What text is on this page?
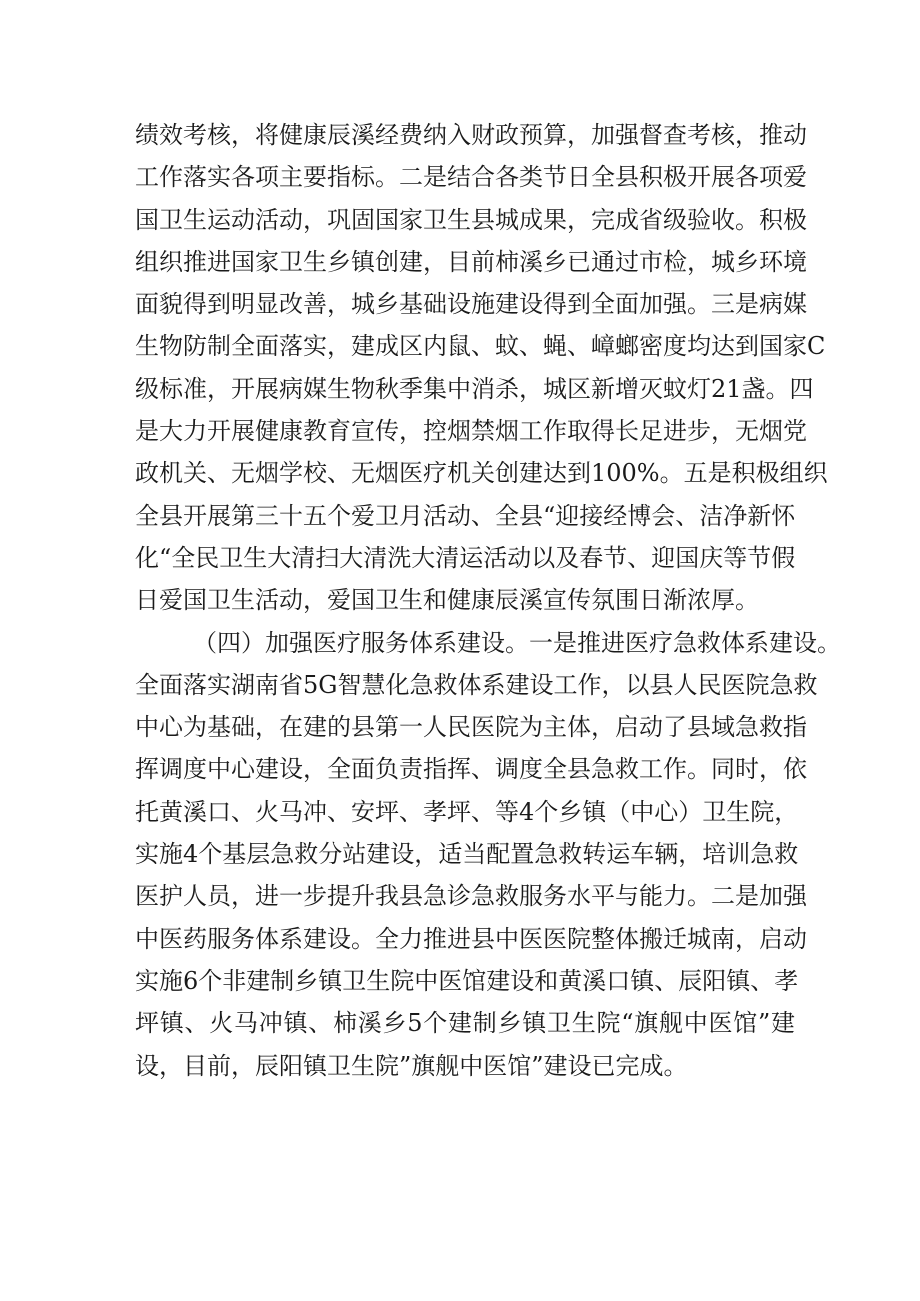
绩效考核，将健康辰溪经费纳入财政预算，加强督查考核，推动
工作落实各项主要指标。二是结合各类节日全县积极开展各项爱
国卫生运动活动，巩固国家卫生县城成果，完成省级验收。积极
组织推进国家卫生乡镇创建，目前柿溪乡已通过市检，城乡环境
面貌得到明显改善，城乡基础设施建设得到全面加强。三是病媒
生物防制全面落实，建成区内鼠、蚊、蝇、嶂螂密度均达到国家C
级标准，开展病媒生物秋季集中消杀，城区新增灭蚊灯21盏。四
是大力开展健康教育宣传，控烟禁烟工作取得长足进步，无烟党
政机关、无烟学校、无烟医疗机关创建达到100%。五是积极组织
全县开展第三十五个爱卫月活动、全县“迎接经博会、洁净新怀
化“全民卫生大清扫大清洗大清运活动以及春节、迎国庆等节假
日爱国卫生活动，爱国卫生和健康辰溪宣传氛围日渐浓厚。
（四）加强医疗服务体系建设。一是推进医疗急救体系建设。
全面落实湖南省5G智慧化急救体系建设工作，以县人民医院急救
中心为基础，在建的县第一人民医院为主体，启动了县域急救指
挥调度中心建设，全面负责指挥、调度全县急救工作。同时，依
托黄溪口、火马冲、安坪、孝坪、等4个乡镇（中心）卫生院，
实施4个基层急救分站建设，适当配置急救转运车辆，培训急救
医护人员，进一步提升我县急诊急救服务水平与能力。二是加强
中医药服务体系建设。全力推进县中医医院整体搬迁城南，启动
实施6个非建制乡镇卫生院中医馆建设和黄溪口镇、辰阳镇、孝
坪镇、火马冲镇、柿溪乡5个建制乡镇卫生院“旗舰中医馆”建
设，目前，辰阳镇卫生院”旗舰中医馆”建设已完成。
